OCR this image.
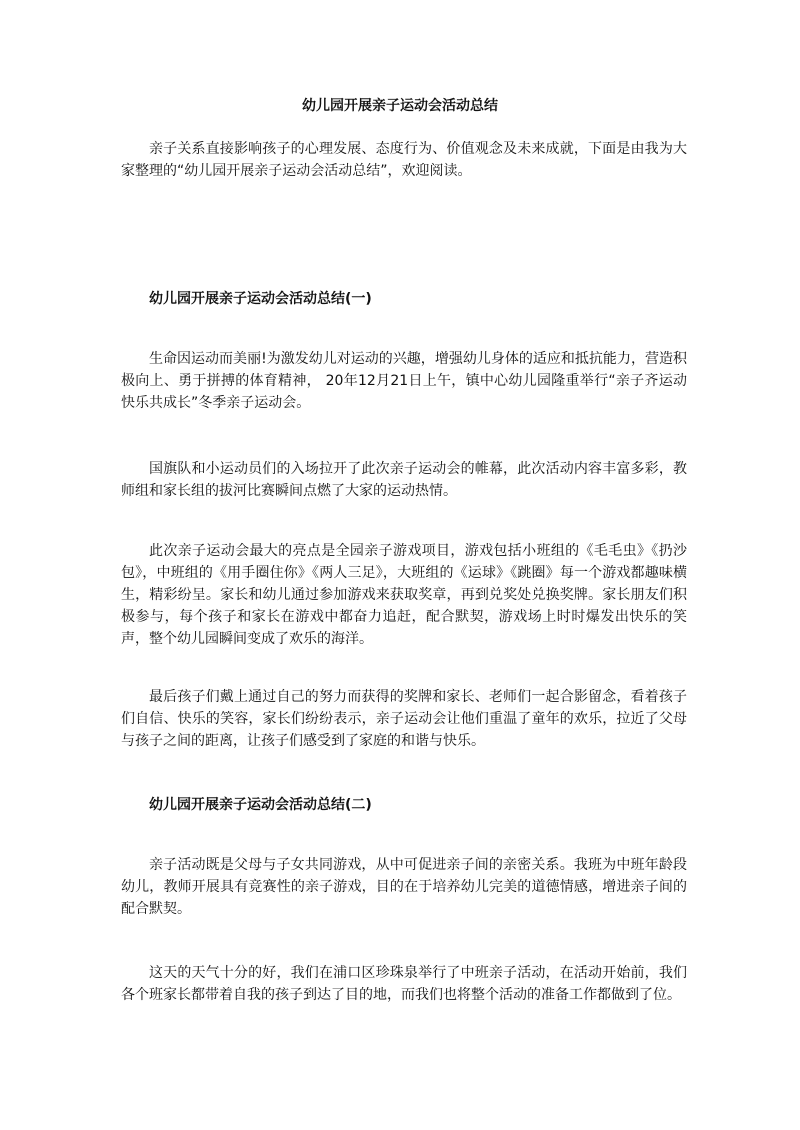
幼儿园开展亲子运动会活动总结

亲子关系直接影响孩子的心理发展、态度行为、价值观念及未来成就，下面是由我为大家整理的“幼儿园开展亲子运动会活动总结”，欢迎阅读。

幼儿园开展亲子运动会活动总结(一)

生命因运动而美丽!为激发幼儿对运动的兴趣，增强幼儿身体的适应和抵抗能力，营造积极向上、勇于拼搏的体育精神， 20年12月21日上午，镇中心幼儿园隆重举行“亲子齐运动快乐共成长”冬季亲子运动会。

国旗队和小运动员们的入场拉开了此次亲子运动会的帷幕，此次活动内容丰富多彩，教师组和家长组的拔河比赛瞬间点燃了大家的运动热情。

此次亲子运动会最大的亮点是全园亲子游戏项目，游戏包括小班组的《毛毛虫》《扔沙包》，中班组的《用手圈住你》《两人三足》，大班组的《运球》《跳圈》每一个游戏都趣味横生，精彩纷呈。家长和幼儿通过参加游戏来获取奖章，再到兑奖处兑换奖牌。家长朋友们积极参与，每个孩子和家长在游戏中都奋力追赶，配合默契，游戏场上时时爆发出快乐的笑声，整个幼儿园瞬间变成了欢乐的海洋。

最后孩子们戴上通过自己的努力而获得的奖牌和家长、老师们一起合影留念，看着孩子们自信、快乐的笑容，家长们纷纷表示，亲子运动会让他们重温了童年的欢乐，拉近了父母与孩子之间的距离，让孩子们感受到了家庭的和谐与快乐。

幼儿园开展亲子运动会活动总结(二)

亲子活动既是父母与子女共同游戏，从中可促进亲子间的亲密关系。我班为中班年龄段幼儿，教师开展具有竞赛性的亲子游戏，目的在于培养幼儿完美的道德情感，增进亲子间的配合默契。

这天的天气十分的好，我们在浦口区珍珠泉举行了中班亲子活动，在活动开始前，我们各个班家长都带着自我的孩子到达了目的地，而我们也将整个活动的准备工作都做到了位。
